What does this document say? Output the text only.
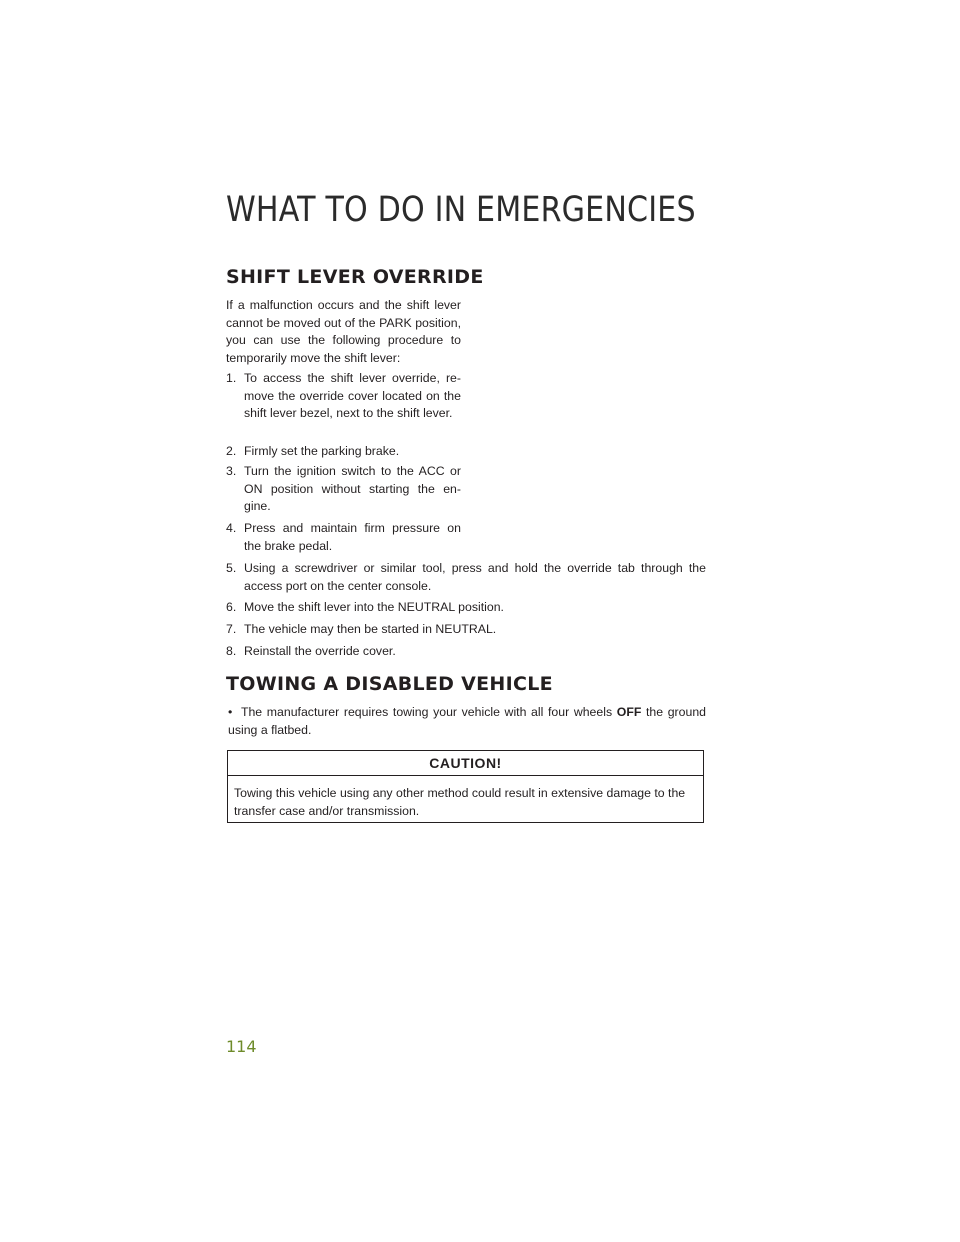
WHAT TO DO IN EMERGENCIES
SHIFT LEVER OVERRIDE
If a malfunction occurs and the shift lever cannot be moved out of the PARK position, you can use the following procedure to temporarily move the shift lever:
1. To access the shift lever override, re-move the override cover located on the shift lever bezel, next to the shift lever.
2. Firmly set the parking brake.
3. Turn the ignition switch to the ACC or ON position without starting the en-gine.
4. Press and maintain firm pressure on the brake pedal.
5. Using a screwdriver or similar tool, press and hold the override tab through the access port on the center console.
6. Move the shift lever into the NEUTRAL position.
7. The vehicle may then be started in NEUTRAL.
8. Reinstall the override cover.
TOWING A DISABLED VEHICLE
• The manufacturer requires towing your vehicle with all four wheels OFF the ground using a flatbed.
CAUTION!
Towing this vehicle using any other method could result in extensive damage to the transfer case and/or transmission.
114
